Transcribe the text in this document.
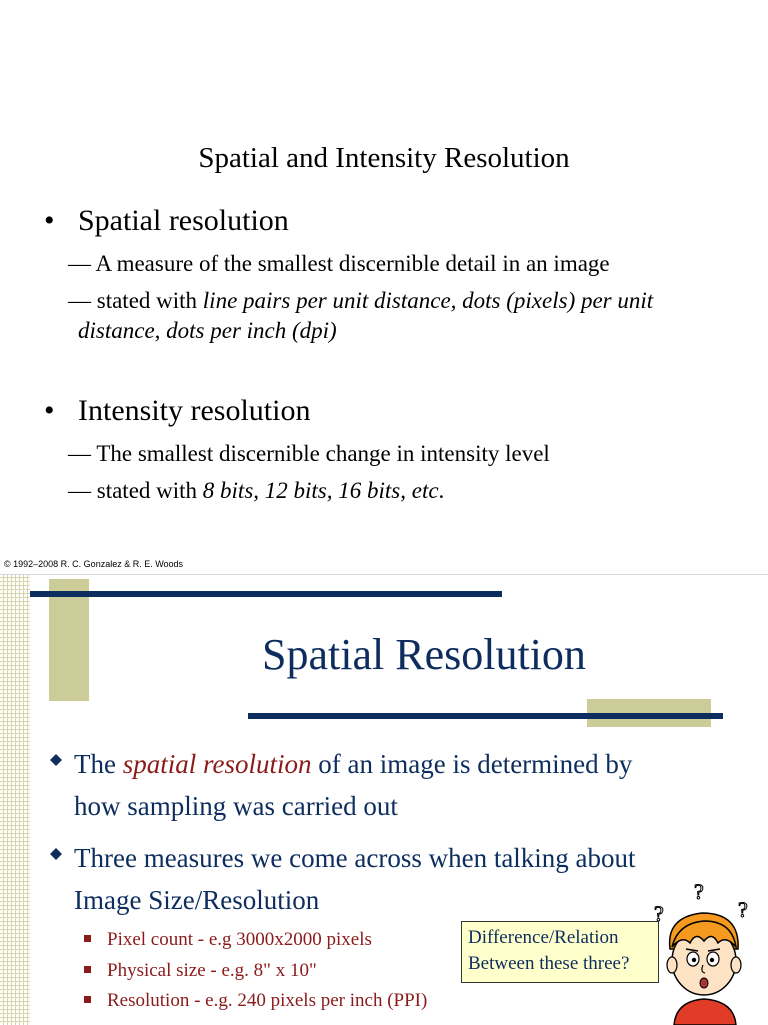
Spatial and Intensity Resolution
• Spatial resolution
— A measure of the smallest discernible detail in an image
— stated with line pairs per unit distance, dots (pixels) per unit
distance, dots per inch (dpi)
• Intensity resolution
— The smallest discernible change in intensity level
— stated with 8 bits, 12 bits, 16 bits, etc.
© 1992–2008 R. C. Gonzalez & R. E. Woods
Spatial Resolution
The spatial resolution of an image is determined by
how sampling was carried out
Three measures we come across when talking about
Image Size/Resolution
Pixel count - e.g 3000x2000 pixels
Physical size - e.g. 8" x 10"
Resolution - e.g. 240 pixels per inch (PPI)
Difference/Relation
Between these three?
?
?
?
